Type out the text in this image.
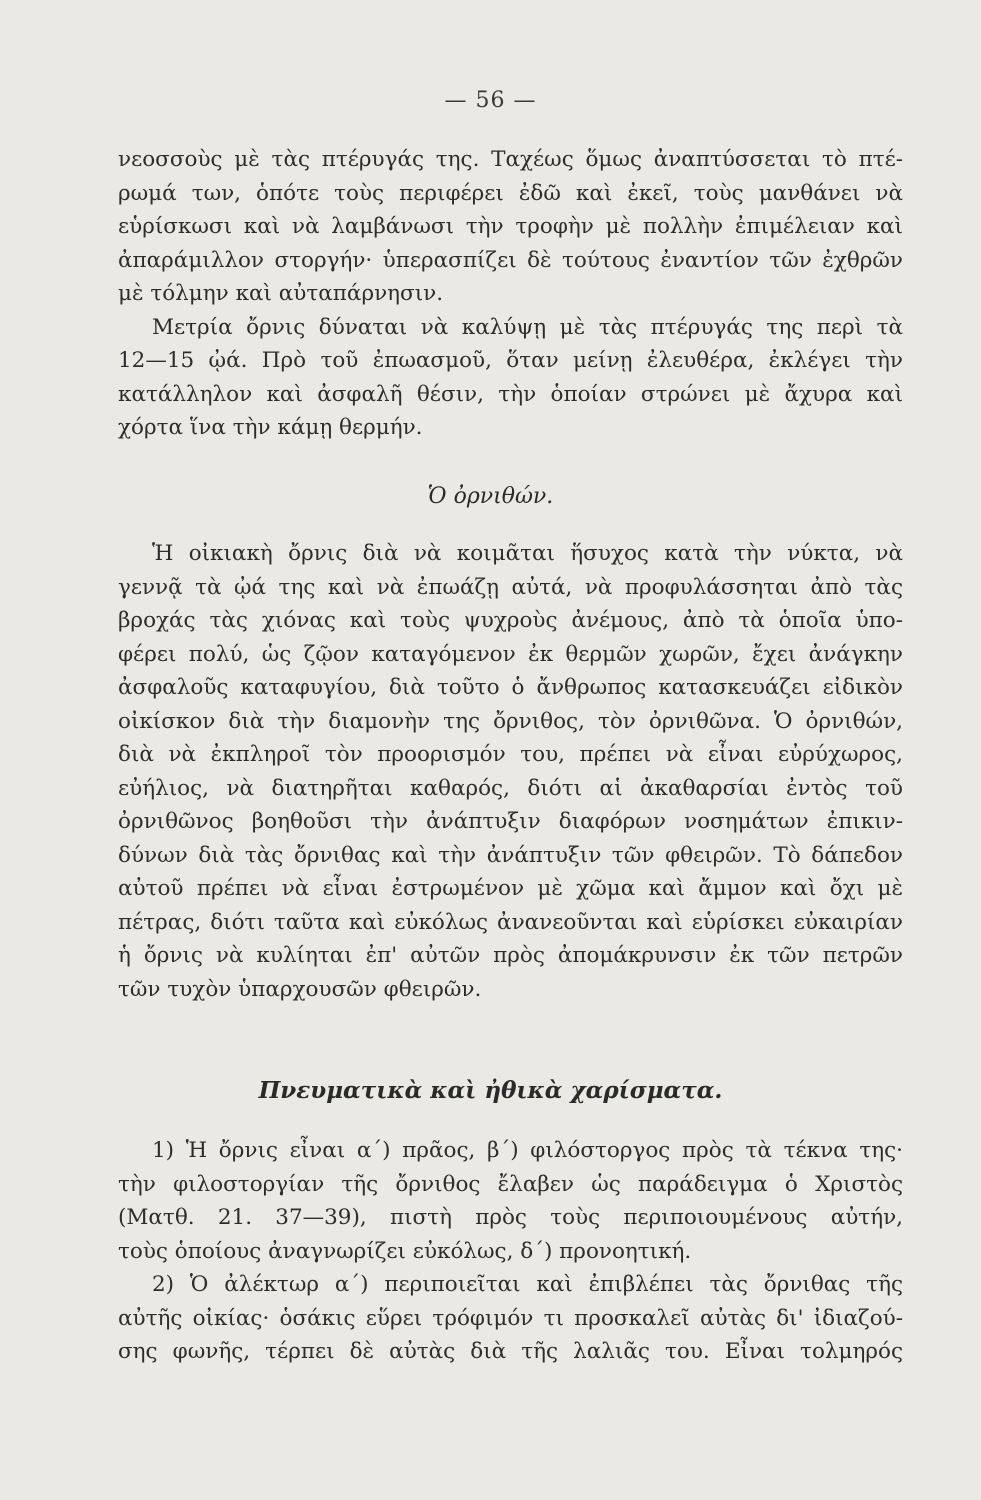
— 56 —
νεοσσοὺς μὲ τὰς πτέρυγάς της. Ταχέως ὅμως ἀναπτύσσεται τὸ πτέ-
ρωμά των, ὁπότε τοὺς περιφέρει ἐδῶ καὶ ἐκεῖ, τοὺς μανθάνει νὰ
εὑρίσκωσι καὶ νὰ λαμβάνωσι τὴν τροφὴν μὲ πολλὴν ἐπιμέλειαν καὶ
ἀπαράμιλλον στοργήν· ὑπερασπίζει δὲ τούτους ἐναντίον τῶν ἐχθρῶν
μὲ τόλμην καὶ αὐταπάρνησιν.
Μετρία ὄρνις δύναται νὰ καλύψῃ μὲ τὰς πτέρυγάς της περὶ τὰ
12—15 ᾠά. Πρὸ τοῦ ἐπωασμοῦ, ὅταν μείνῃ ἐλευθέρα, ἐκλέγει τὴν
κατάλληλον καὶ ἀσφαλῆ θέσιν, τὴν ὁποίαν στρώνει μὲ ἄχυρα καὶ
χόρτα ἵνα τὴν κάμῃ θερμήν.
Ὁ ὀρνιθών.
Ἡ οἰκιακὴ ὄρνις διὰ νὰ κοιμᾶται ἥσυχος κατὰ τὴν νύκτα, νὰ
γεννᾷ τὰ ᾠά της καὶ νὰ ἐπωάζῃ αὐτά, νὰ προφυλάσσηται ἀπὸ τὰς
βροχάς τὰς χιόνας καὶ τοὺς ψυχροὺς ἀνέμους, ἀπὸ τὰ ὁποῖα ὑπο-
φέρει πολύ, ὡς ζῷον καταγόμενον ἐκ θερμῶν χωρῶν, ἔχει ἀνάγκην
ἀσφαλοῦς καταφυγίου, διὰ τοῦτο ὁ ἄνθρωπος κατασκευάζει εἰδικὸν
οἰκίσκον διὰ τὴν διαμονὴν της ὄρνιθος, τὸν ὀρνιθῶνα. Ὁ ὀρνιθών,
διὰ νὰ ἐκπληροῖ τὸν προορισμόν του, πρέπει νὰ εἶναι εὐρύχωρος,
εὐήλιος, νὰ διατηρῆται καθαρός, διότι αἱ ἀκαθαρσίαι ἐντὸς τοῦ
ὀρνιθῶνος βοηθοῦσι τὴν ἀνάπτυξιν διαφόρων νοσημάτων ἐπικιν-
δύνων διὰ τὰς ὄρνιθας καὶ τὴν ἀνάπτυξιν τῶν φθειρῶν. Τὸ δάπεδον
αὐτοῦ πρέπει νὰ εἶναι ἐστρωμένον μὲ χῶμα καὶ ἄμμον καὶ ὄχι μὲ
πέτρας, διότι ταῦτα καὶ εὐκόλως ἀνανεοῦνται καὶ εὑρίσκει εὐκαιρίαν
ἡ ὄρνις νὰ κυλίηται ἐπ' αὐτῶν πρὸς ἀπομάκρυνσιν ἐκ τῶν πετρῶν
τῶν τυχὸν ὑπαρχουσῶν φθειρῶν.
Πνευματικὰ καὶ ἠθικὰ χαρίσματα.
1) Ἡ ὄρνις εἶναι α΄) πρᾶος, β΄) φιλόστοργος πρὸς τὰ τέκνα της·
τὴν φιλοστοργίαν τῆς ὄρνιθος ἔλαβεν ὡς παράδειγμα ὁ Χριστὸς
(Ματθ. 21. 37—39), πιστὴ πρὸς τοὺς περιποιουμένους αὐτήν,
τοὺς ὁποίους ἀναγνωρίζει εὐκόλως, δ΄) προνοητική.
2) Ὁ ἀλέκτωρ α΄) περιποιεῖται καὶ ἐπιβλέπει τὰς ὄρνιθας τῆς
αὐτῆς οἰκίας· ὁσάκις εὕρει τρόφιμόν τι προσκαλεῖ αὐτὰς δι' ἰδιαζού-
σης φωνῆς, τέρπει δὲ αὐτὰς διὰ τῆς λαλιᾶς του. Εἶναι τολμηρός
